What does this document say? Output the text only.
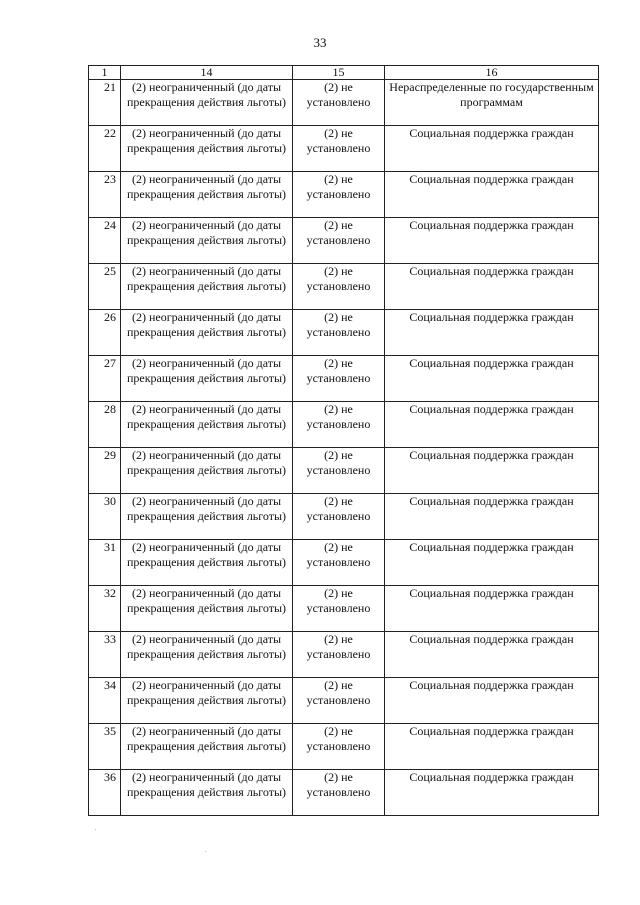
33
1	14	15	16
21	(2) неограниченный (до даты прекращения действия льготы)	(2) не установлено	Нераспределенные по государственным программам
22	(2) неограниченный (до даты прекращения действия льготы)	(2) не установлено	Социальная поддержка граждан
23	(2) неограниченный (до даты прекращения действия льготы)	(2) не установлено	Социальная поддержка граждан
24	(2) неограниченный (до даты прекращения действия льготы)	(2) не установлено	Социальная поддержка граждан
25	(2) неограниченный (до даты прекращения действия льготы)	(2) не установлено	Социальная поддержка граждан
26	(2) неограниченный (до даты прекращения действия льготы)	(2) не установлено	Социальная поддержка граждан
27	(2) неограниченный (до даты прекращения действия льготы)	(2) не установлено	Социальная поддержка граждан
28	(2) неограниченный (до даты прекращения действия льготы)	(2) не установлено	Социальная поддержка граждан
29	(2) неограниченный (до даты прекращения действия льготы)	(2) не установлено	Социальная поддержка граждан
30	(2) неограниченный (до даты прекращения действия льготы)	(2) не установлено	Социальная поддержка граждан
31	(2) неограниченный (до даты прекращения действия льготы)	(2) не установлено	Социальная поддержка граждан
32	(2) неограниченный (до даты прекращения действия льготы)	(2) не установлено	Социальная поддержка граждан
33	(2) неограниченный (до даты прекращения действия льготы)	(2) не установлено	Социальная поддержка граждан
34	(2) неограниченный (до даты прекращения действия льготы)	(2) не установлено	Социальная поддержка граждан
35	(2) неограниченный (до даты прекращения действия льготы)	(2) не установлено	Социальная поддержка граждан
36	(2) неограниченный (до даты прекращения действия льготы)	(2) не установлено	Социальная поддержка граждан
